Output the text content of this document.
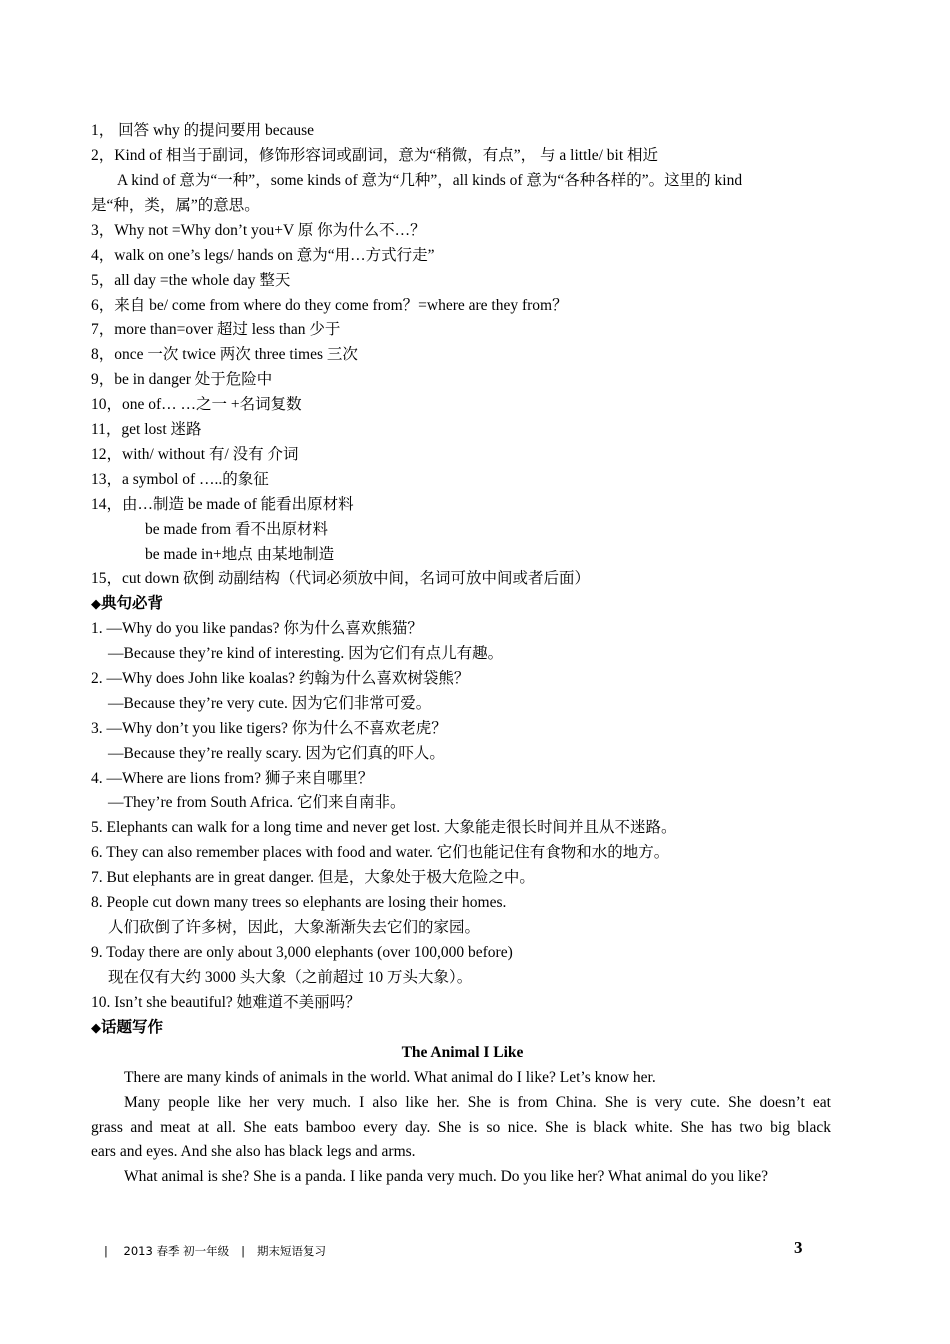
1， 回答 why 的提问要用 because
2，Kind of 相当于副词，修饰形容词或副词，意为“稍微，有点”， 与 a little/ bit 相近
A kind of 意为“一种”，some kinds of 意为“几种”，all kinds of 意为“各种各样的”。这里的 kind
是“种，类，属”的意思。
3，Why not =Why don’t you+V 原 你为什么不…？
4，walk on one’s legs/ hands on 意为“用…方式行走”
5，all day =the whole day 整天
6，来自 be/ come from where do they come from？=where are they from？
7，more than=over 超过 less than 少于
8，once 一次 twice 两次 three times 三次
9，be in danger 处于危险中
10，one of… …之一 +名词复数
11，get lost 迷路
12，with/ without 有/ 没有 介词
13，a symbol of …..的象征
14，由…制造 be made of 能看出原材料
be made from 看不出原材料
be made in+地点 由某地制造
15，cut down 砍倒 动副结构（代词必须放中间，名词可放中间或者后面）
◆典句必背
1. —Why do you like pandas? 你为什么喜欢熊猫？
—Because they’re kind of interesting. 因为它们有点儿有趣。
2. —Why does John like koalas? 约翰为什么喜欢树袋熊？
—Because they’re very cute. 因为它们非常可爱。
3. —Why don’t you like tigers? 你为什么不喜欢老虎？
—Because they’re really scary. 因为它们真的吓人。
4. —Where are lions from? 狮子来自哪里？
—They’re from South Africa. 它们来自南非。
5. Elephants can walk for a long time and never get lost. 大象能走很长时间并且从不迷路。
6. They can also remember places with food and water. 它们也能记住有食物和水的地方。
7. But elephants are in great danger. 但是，大象处于极大危险之中。
8. People cut down many trees so elephants are losing their homes.
人们砍倒了许多树，因此，大象渐渐失去它们的家园。
9. Today there are only about 3,000 elephants (over 100,000 before)
现在仅有大约 3000 头大象（之前超过 10 万头大象）。
10. Isn’t she beautiful? 她难道不美丽吗？
◆话题写作
The Animal I Like
There are many kinds of animals in the world. What animal do I like? Let’s know her.
Many people like her very much. I also like her. She is from China. She is very cute. She doesn’t eat
grass and meat at all. She eats bamboo every day. She is so nice. She is black white. She has two big black
ears and eyes. And she also has black legs and arms.
What animal is she? She is a panda. I like panda very much. Do you like her? What animal do you like?
| 2013 春季 初一年级 | 期末短语复习	3
